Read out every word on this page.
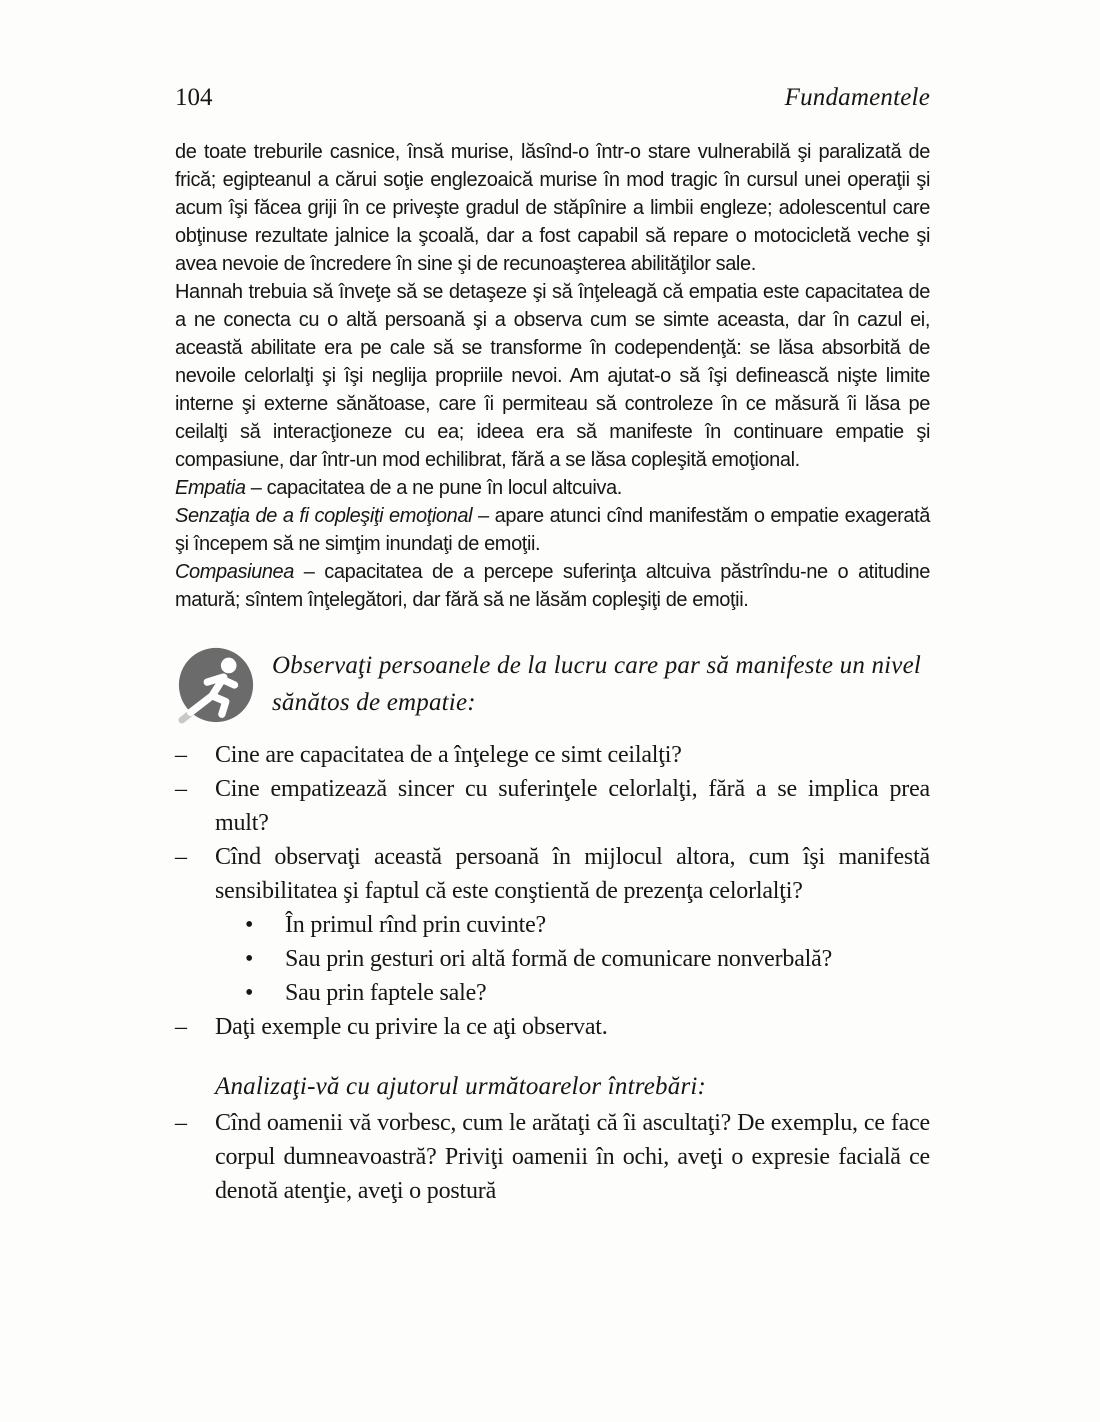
104	Fundamentele

de toate treburile casnice, însă murise, lăsînd-o într-o stare vulnerabilă şi paralizată de frică; egipteanul a cărui soţie englezoaică murise în mod tragic în cursul unei operaţii şi acum îşi făcea griji în ce priveşte gradul de stăpînire a limbii engleze; adolescentul care obţinuse rezultate jalnice la şcoală, dar a fost capabil să repare o motocicletă veche şi avea nevoie de încredere în sine şi de recunoaşterea abilităţilor sale.

Hannah trebuia să înveţe să se detaşeze şi să înţeleagă că empatia este capacitatea de a ne conecta cu o altă persoană şi a observa cum se simte aceasta, dar în cazul ei, această abilitate era pe cale să se transforme în codependenţă: se lăsa absorbită de nevoile celorlalţi şi îşi neglija propriile nevoi. Am ajutat-o să îşi definească nişte limite interne şi externe sănătoase, care îi permiteau să controleze în ce măsură îi lăsa pe ceilalţi să interacţioneze cu ea; ideea era să manifeste în continuare empatie şi compasiune, dar într-un mod echilibrat, fără a se lăsa copleşită emoţional.

Empatia – capacitatea de a ne pune în locul altcuiva.

Senzaţia de a fi copleşiţi emoţional – apare atunci cînd manifestăm o empatie exagerată şi începem să ne simţim inundaţi de emoţii.

Compasiunea – capacitatea de a percepe suferinţa altcuiva păstrîndu-ne o atitudine matură; sîntem înţelegători, dar fără să ne lăsăm copleşiţi de emoţii.

Observaţi persoanele de la lucru care par să manifeste un nivel sănătos de empatie:
–	Cine are capacitatea de a înţelege ce simt ceilalţi?
–	Cine empatizează sincer cu suferinţele celorlalţi, fără a se implica prea mult?
–	Cînd observaţi această persoană în mijlocul altora, cum îşi manifestă sensibilitatea şi faptul că este conştientă de prezenţa celorlalţi?
•	În primul rînd prin cuvinte?
•	Sau prin gesturi ori altă formă de comunicare nonverbală?
•	Sau prin faptele sale?
–	Daţi exemple cu privire la ce aţi observat.
Analizaţi-vă cu ajutorul următoarelor întrebări:
–	Cînd oamenii vă vorbesc, cum le arătaţi că îi ascultaţi? De exemplu, ce face corpul dumneavoastră? Priviţi oamenii în ochi, aveţi o expresie facială ce denotă atenţie, aveţi o postură
